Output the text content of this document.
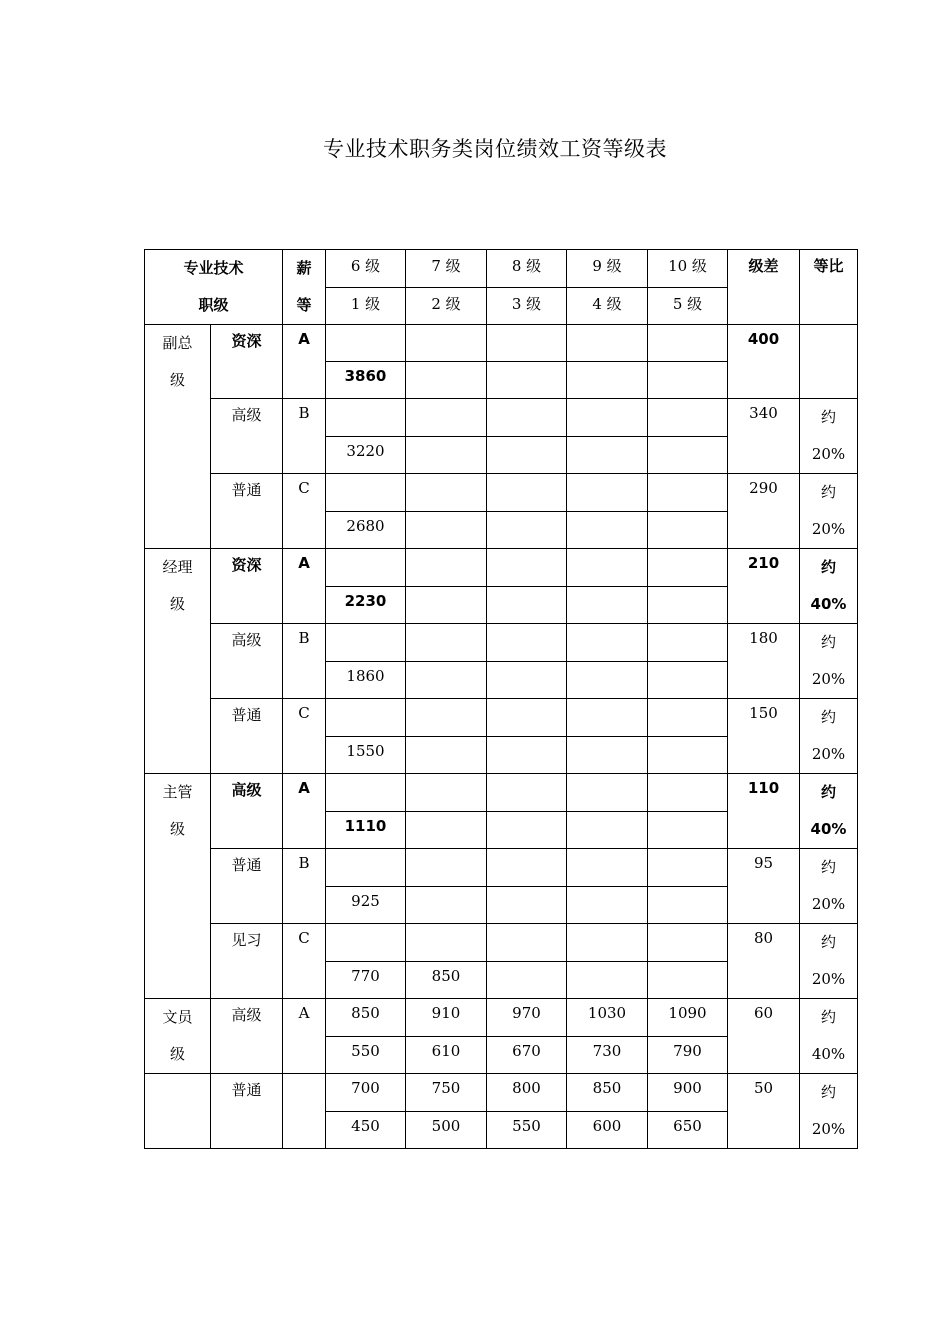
专业技术职务类岗位绩效工资等级表
专业技术
职级		薪
等	6 级	7 级	8 级	9 级	10 级	级差	等比

			1 级	2 级	3 级	4 级	5 级		

副总
级	资深	A						400	

			3860						

	高级	B						340	约
20%

			3220						

	普通	C						290	约
20%

			2680						

经理
级	资深	A						210	约
40%

			2230						

	高级	B						180	约
20%

			1860						

	普通	C						150	约
20%

			1550						

主管
级	高级	A						110	约
40%

			1110						

	普通	B						95	约
20%

			925						

	见习	C						80	约
20%

			770	850					

文员
级	高级	A	850	910	970	1030	1090	60	约
40%

			550	610	670	730	790		

	普通		700	750	800	850	900	50	约
20%

			450	500	550	600	650		
